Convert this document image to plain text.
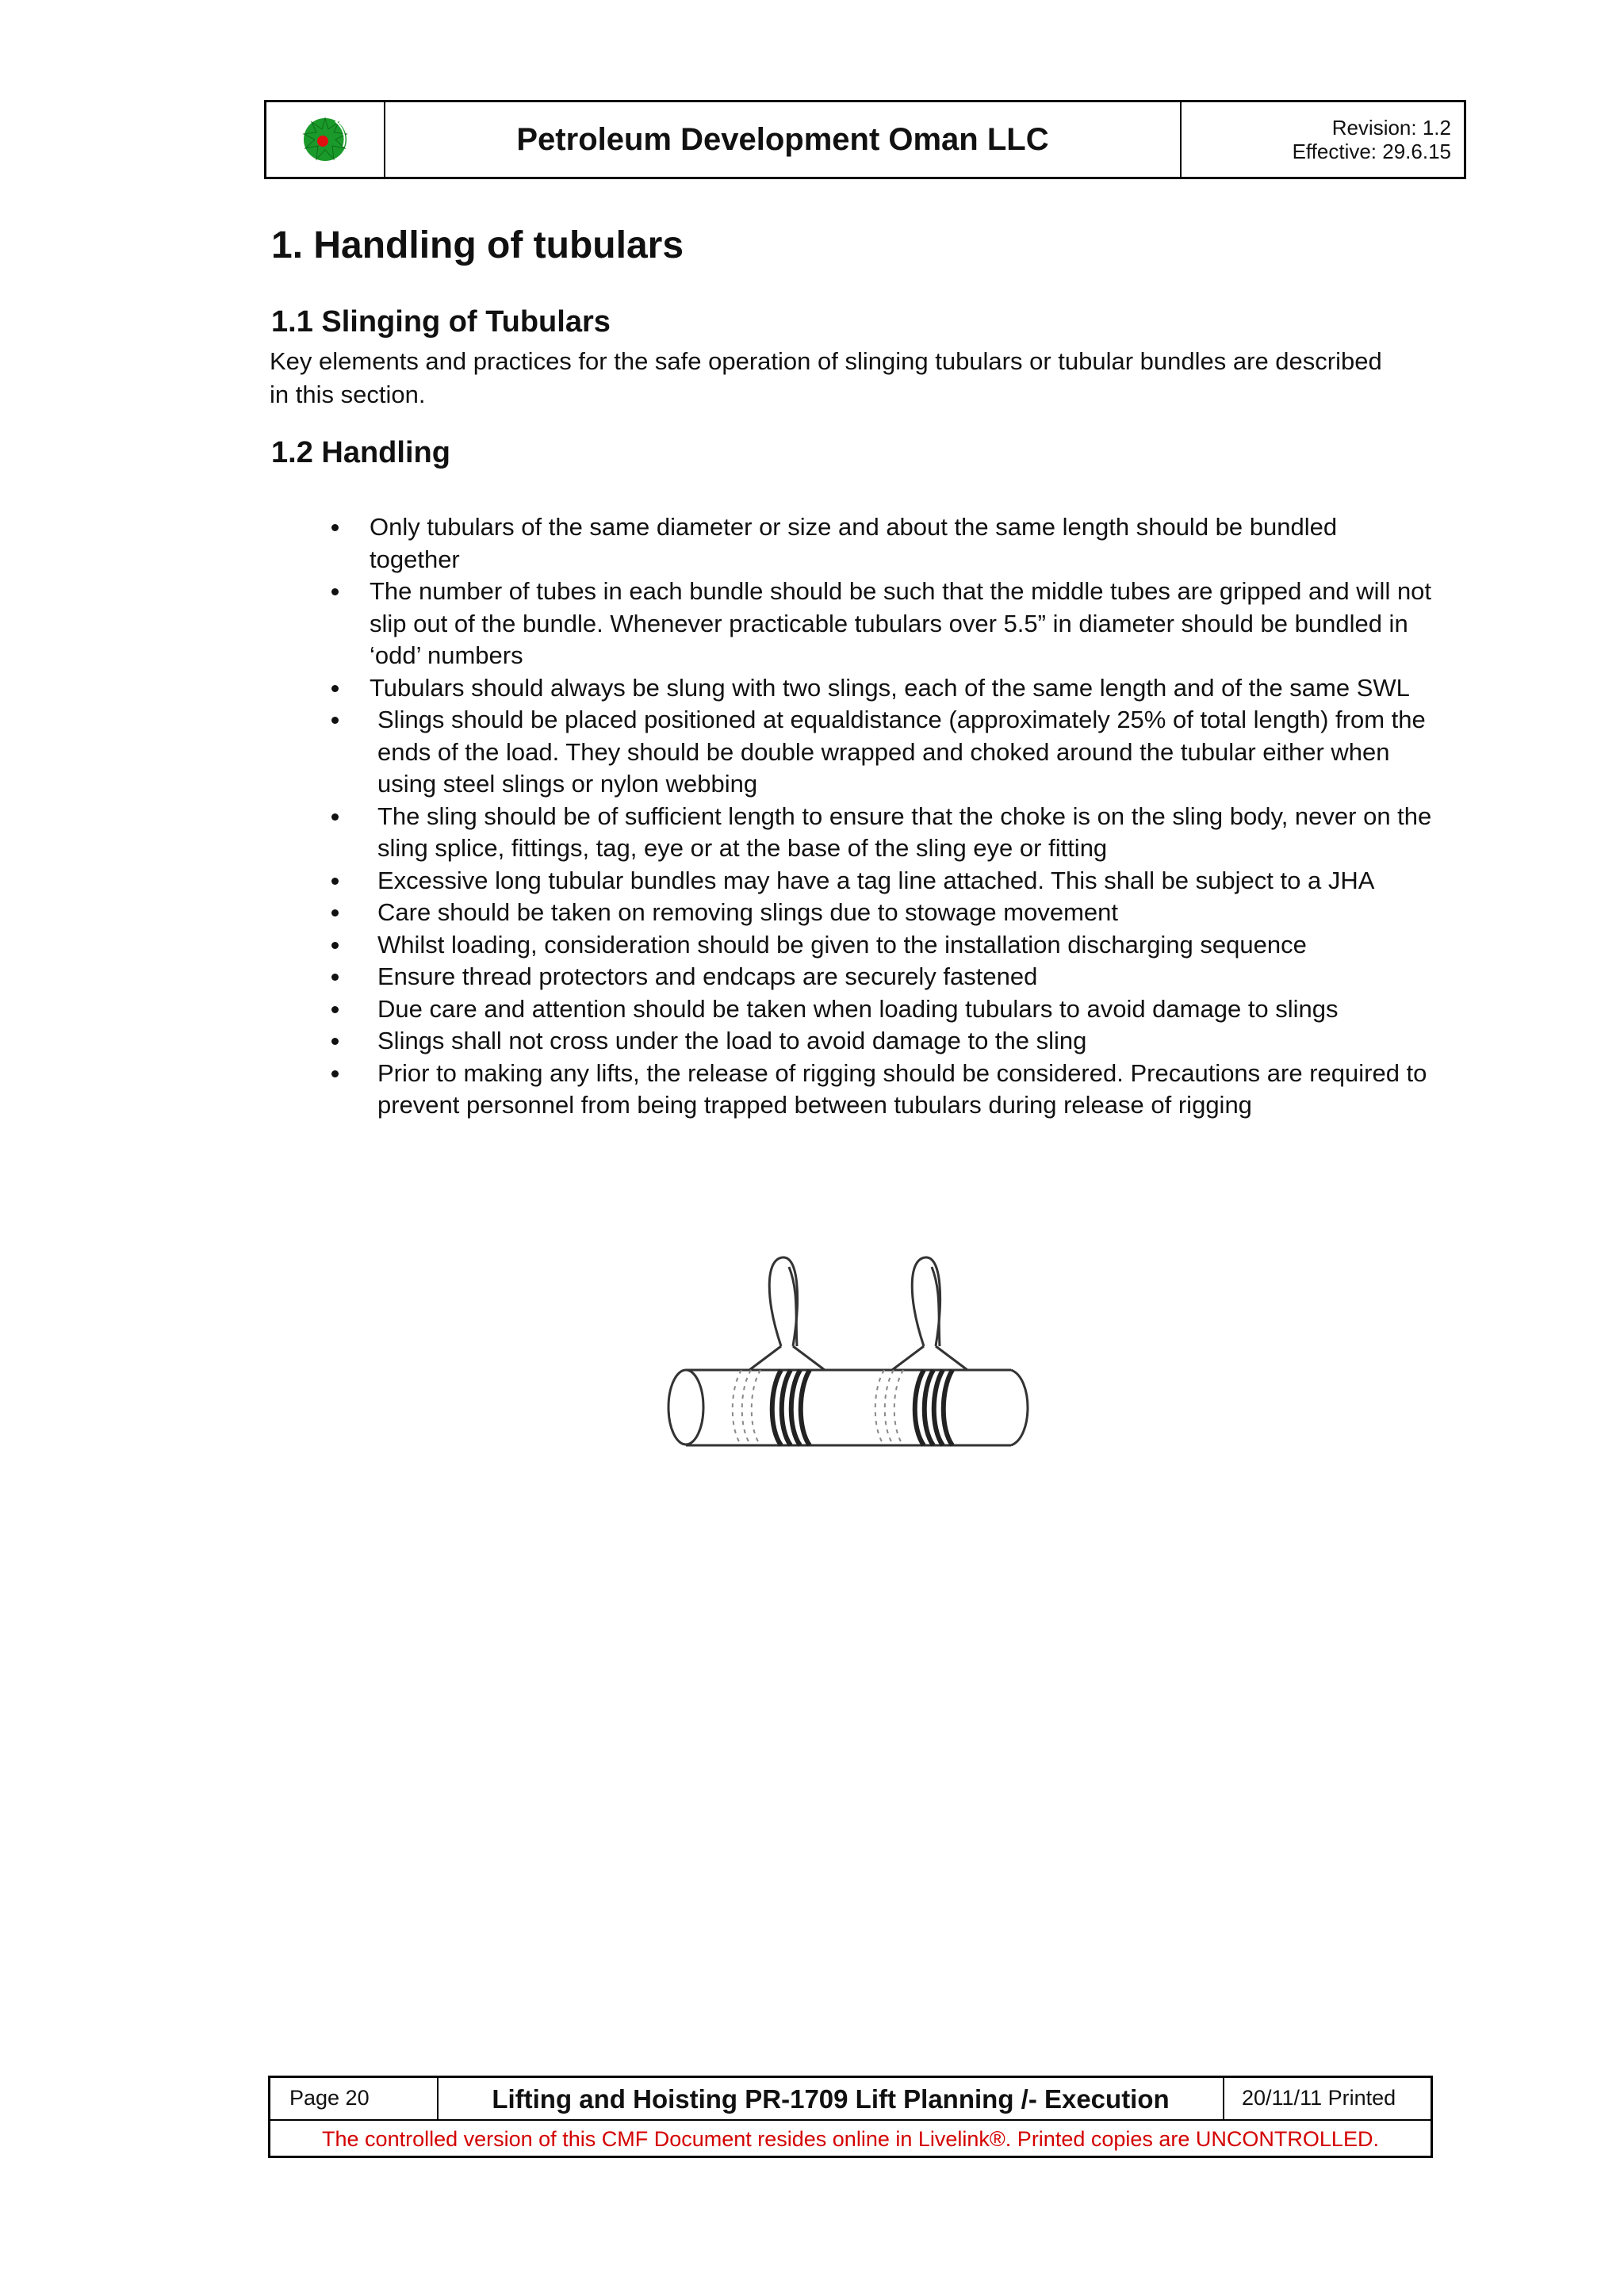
Petroleum Development Oman LLC	Revision: 1.2
Effective: 29.6.15
1. Handling of tubulars
1.1 Slinging of Tubulars

Key elements and practices for the safe operation of slinging tubulars or tubular bundles are described in this section.

1.2 Handling
Only tubulars of the same diameter or size and about the same length should be bundled together
The number of tubes in each bundle should be such that the middle tubes are gripped and will not slip out of the bundle. Whenever practicable tubulars over 5.5” in diameter should be bundled in ‘odd’ numbers
Tubulars should always be slung with two slings, each of the same length and of the same SWL
Slings should be placed positioned at equaldistance (approximately 25% of total length) from the ends of the load. They should be double wrapped and choked around the tubular either when using steel slings or nylon webbing
The sling should be of sufficient length to ensure that the choke is on the sling body, never on the sling splice, fittings, tag, eye or at the base of the sling eye or fitting
Excessive long tubular bundles may have a tag line attached. This shall be subject to a JHA
Care should be taken on removing slings due to stowage movement
Whilst loading, consideration should be given to the installation discharging sequence
Ensure thread protectors and endcaps are securely fastened
Due care and attention should be taken when loading tubulars to avoid damage to slings
Slings shall not cross under the load to avoid damage to the sling
Prior to making any lifts, the release of rigging should be considered. Precautions are required to prevent personnel from being trapped between tubulars during release of rigging
Page 20	Lifting and Hoisting PR-1709 Lift Planning /- Execution	20/11/11 Printed
The controlled version of this CMF Document resides online in Livelink®. Printed copies are UNCONTROLLED.
